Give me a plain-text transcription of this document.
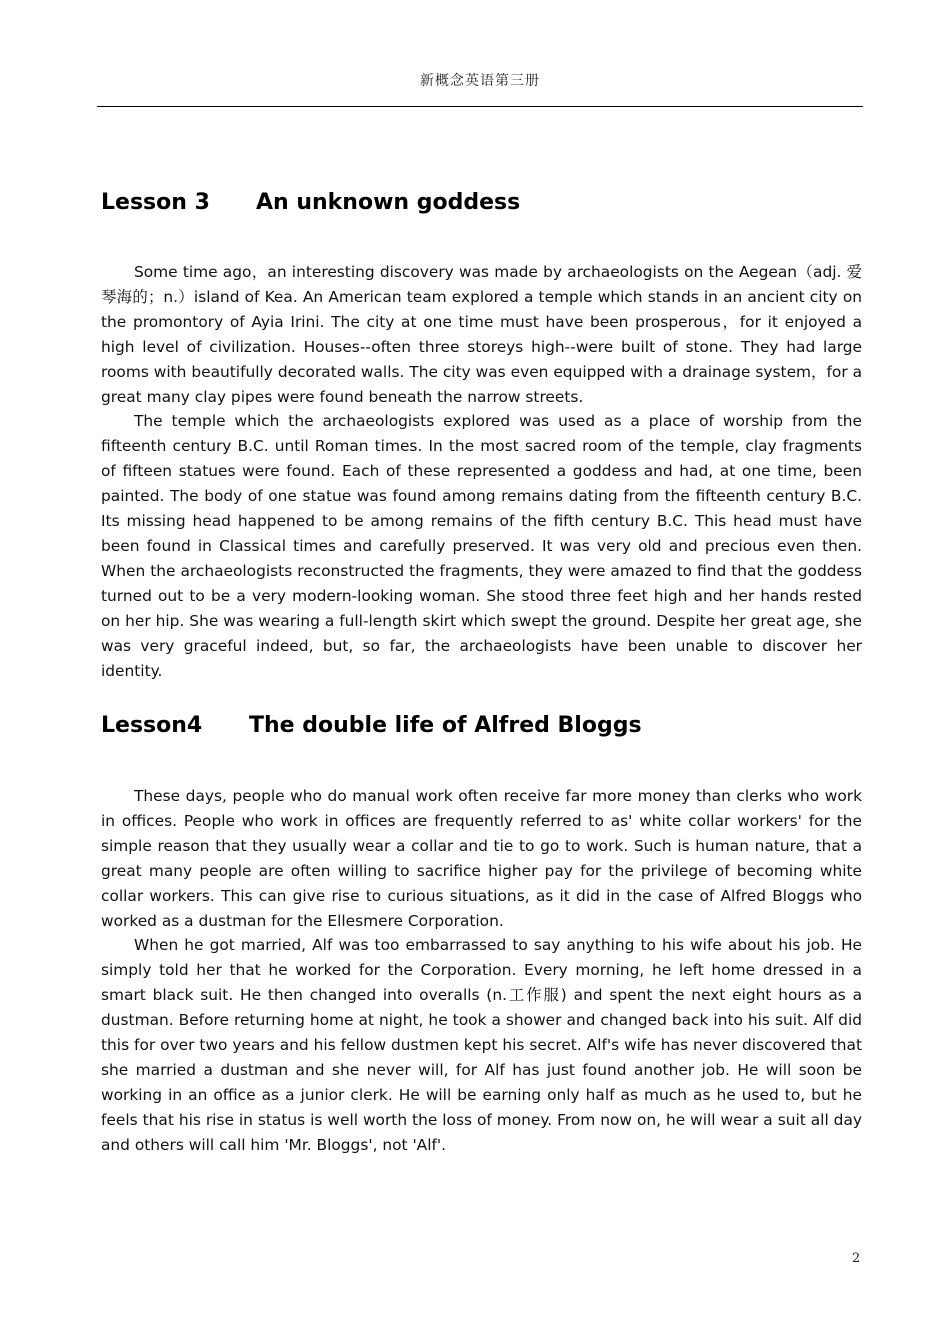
新概念英语第三册
Lesson 3 An unknown goddess

Some time ago，an interesting discovery was made by archaeologists on the Aegean（adj. 爱琴海的；n.）island of Kea. An American team explored a temple which stands in an ancient city on the promontory of Ayia Irini. The city at one time must have been prosperous，for it enjoyed a high level of civilization. Houses--often three storeys high--were built of stone. They had large rooms with beautifully decorated walls. The city was even equipped with a drainage system，for a great many clay pipes were found beneath the narrow streets.

The temple which the archaeologists explored was used as a place of worship from the fifteenth century B.C. until Roman times. In the most sacred room of the temple, clay fragments of fifteen statues were found. Each of these represented a goddess and had, at one time, been painted. The body of one statue was found among remains dating from the fifteenth century B.C. Its missing head happened to be among remains of the fifth century B.C. This head must have been found in Classical times and carefully preserved. It was very old and precious even then. When the archaeologists reconstructed the fragments, they were amazed to find that the goddess turned out to be a very modern-looking woman. She stood three feet high and her hands rested on her hip. She was wearing a full-length skirt which swept the ground. Despite her great age, she was very graceful indeed, but, so far, the archaeologists have been unable to discover her identity.

Lesson4 The double life of Alfred Bloggs

These days, people who do manual work often receive far more money than clerks who work in offices. People who work in offices are frequently referred to as' white collar workers' for the simple reason that they usually wear a collar and tie to go to work. Such is human nature, that a great many people are often willing to sacrifice higher pay for the privilege of becoming white collar workers. This can give rise to curious situations, as it did in the case of Alfred Bloggs who worked as a dustman for the Ellesmere Corporation.

When he got married, Alf was too embarrassed to say anything to his wife about his job. He simply told her that he worked for the Corporation. Every morning, he left home dressed in a smart black suit. He then changed into overalls (n.工作服) and spent the next eight hours as a dustman. Before returning home at night, he took a shower and changed back into his suit. Alf did this for over two years and his fellow dustmen kept his secret. Alf's wife has never discovered that she married a dustman and she never will, for Alf has just found another job. He will soon be working in an office as a junior clerk. He will be earning only half as much as he used to, but he feels that his rise in status is well worth the loss of money. From now on, he will wear a suit all day and others will call him 'Mr. Bloggs', not 'Alf'.

2
